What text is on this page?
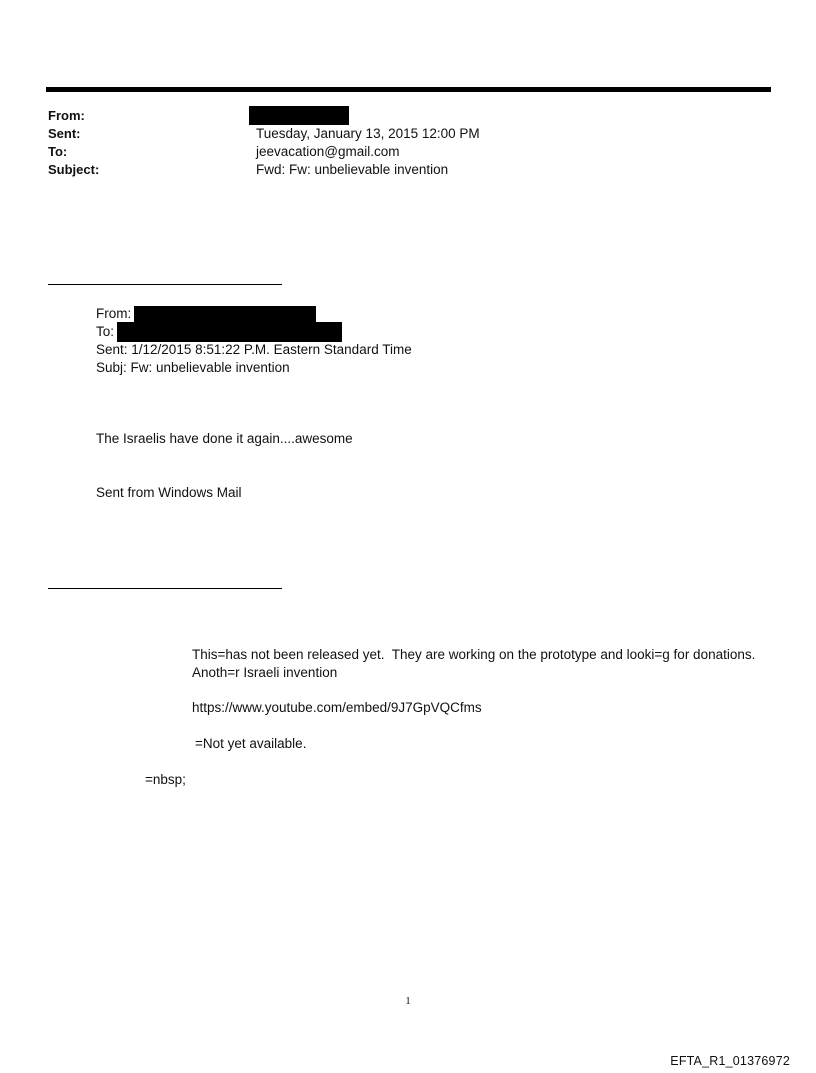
From:
Sent:	Tuesday, January 13, 2015 12:00 PM
To:	jeevacation@gmail.com
Subject:	Fwd: Fw: unbelievable invention
From:
To:
Sent: 1/12/2015 8:51:22 P.M. Eastern Standard Time
Subj: Fw: unbelievable invention
The Israelis have done it again....awesome
Sent from Windows Mail
This=has not been released yet.  They are working on the prototype and looki=g for donations.
Anoth=r Israeli invention
https://www.youtube.com/embed/9J7GpVQCfms
=Not yet available.
=nbsp;
1
EFTA_R1_01376972
